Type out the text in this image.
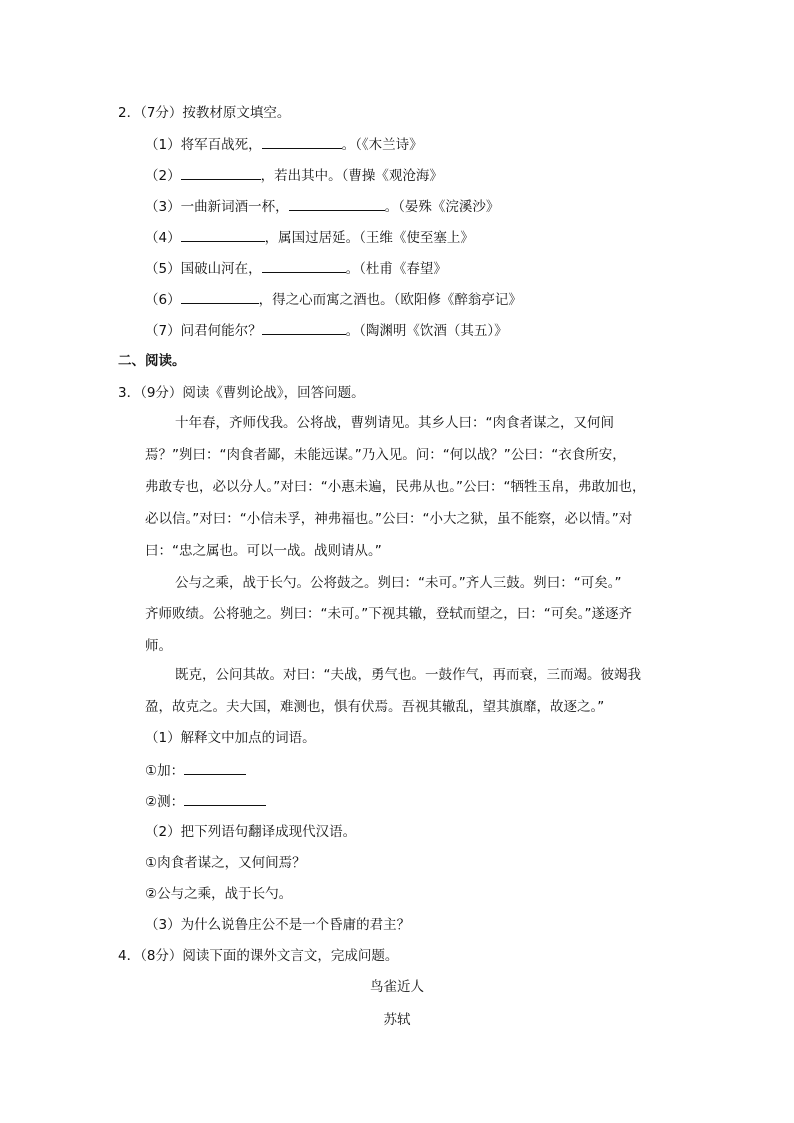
2．（7分）按教材原文填空。
（1）将军百战死，	。（《木兰诗》
（2）	，若出其中。（曹操《观沧海》
（3）一曲新词酒一杯，	。（晏殊《浣溪沙》
（4）	，属国过居延。（王维《使至塞上》
（5）国破山河在，	。（杜甫《春望》
（6）	，得之心而寓之酒也。（欧阳修《醉翁亭记》
（7）问君何能尔？	。（陶渊明《饮酒（其五）》
二、阅读。
3．（9分）阅读《曹刿论战》，回答问题。
十年春，齐师伐我。公将战，曹刿请见。其乡人曰：“肉食者谋之，又何间
焉？”刿曰：“肉食者鄙，未能远谋。”乃入见。问：“何以战？”公曰：“衣食所安，
弗敢专也，必以分人。”对曰：“小惠未遍，民弗从也。”公曰：“牺牲玉帛，弗敢加也，
必以信。”对曰：“小信未孚，神弗福也。”公曰：“小大之狱，虽不能察，必以情。”对
曰：“忠之属也。可以一战。战则请从。”
公与之乘，战于长勺。公将鼓之。刿曰：“未可。”齐人三鼓。刿曰：“可矣。”
齐师败绩。公将驰之。刿曰：“未可。”下视其辙，登轼而望之，曰：“可矣。”遂逐齐
师。
既克，公问其故。对曰：“夫战，勇气也。一鼓作气，再而衰，三而竭。彼竭我
盈，故克之。夫大国，难测也，惧有伏焉。吾视其辙乱，望其旗靡，故逐之。”
（1）解释文中加点的词语。
①加：
②测：
（2）把下列语句翻译成现代汉语。
①肉食者谋之，又何间焉？
②公与之乘，战于长勺。
（3）为什么说鲁庄公不是一个昏庸的君主？
4．（8分）阅读下面的课外文言文，完成问题。
鸟雀近人
苏轼
